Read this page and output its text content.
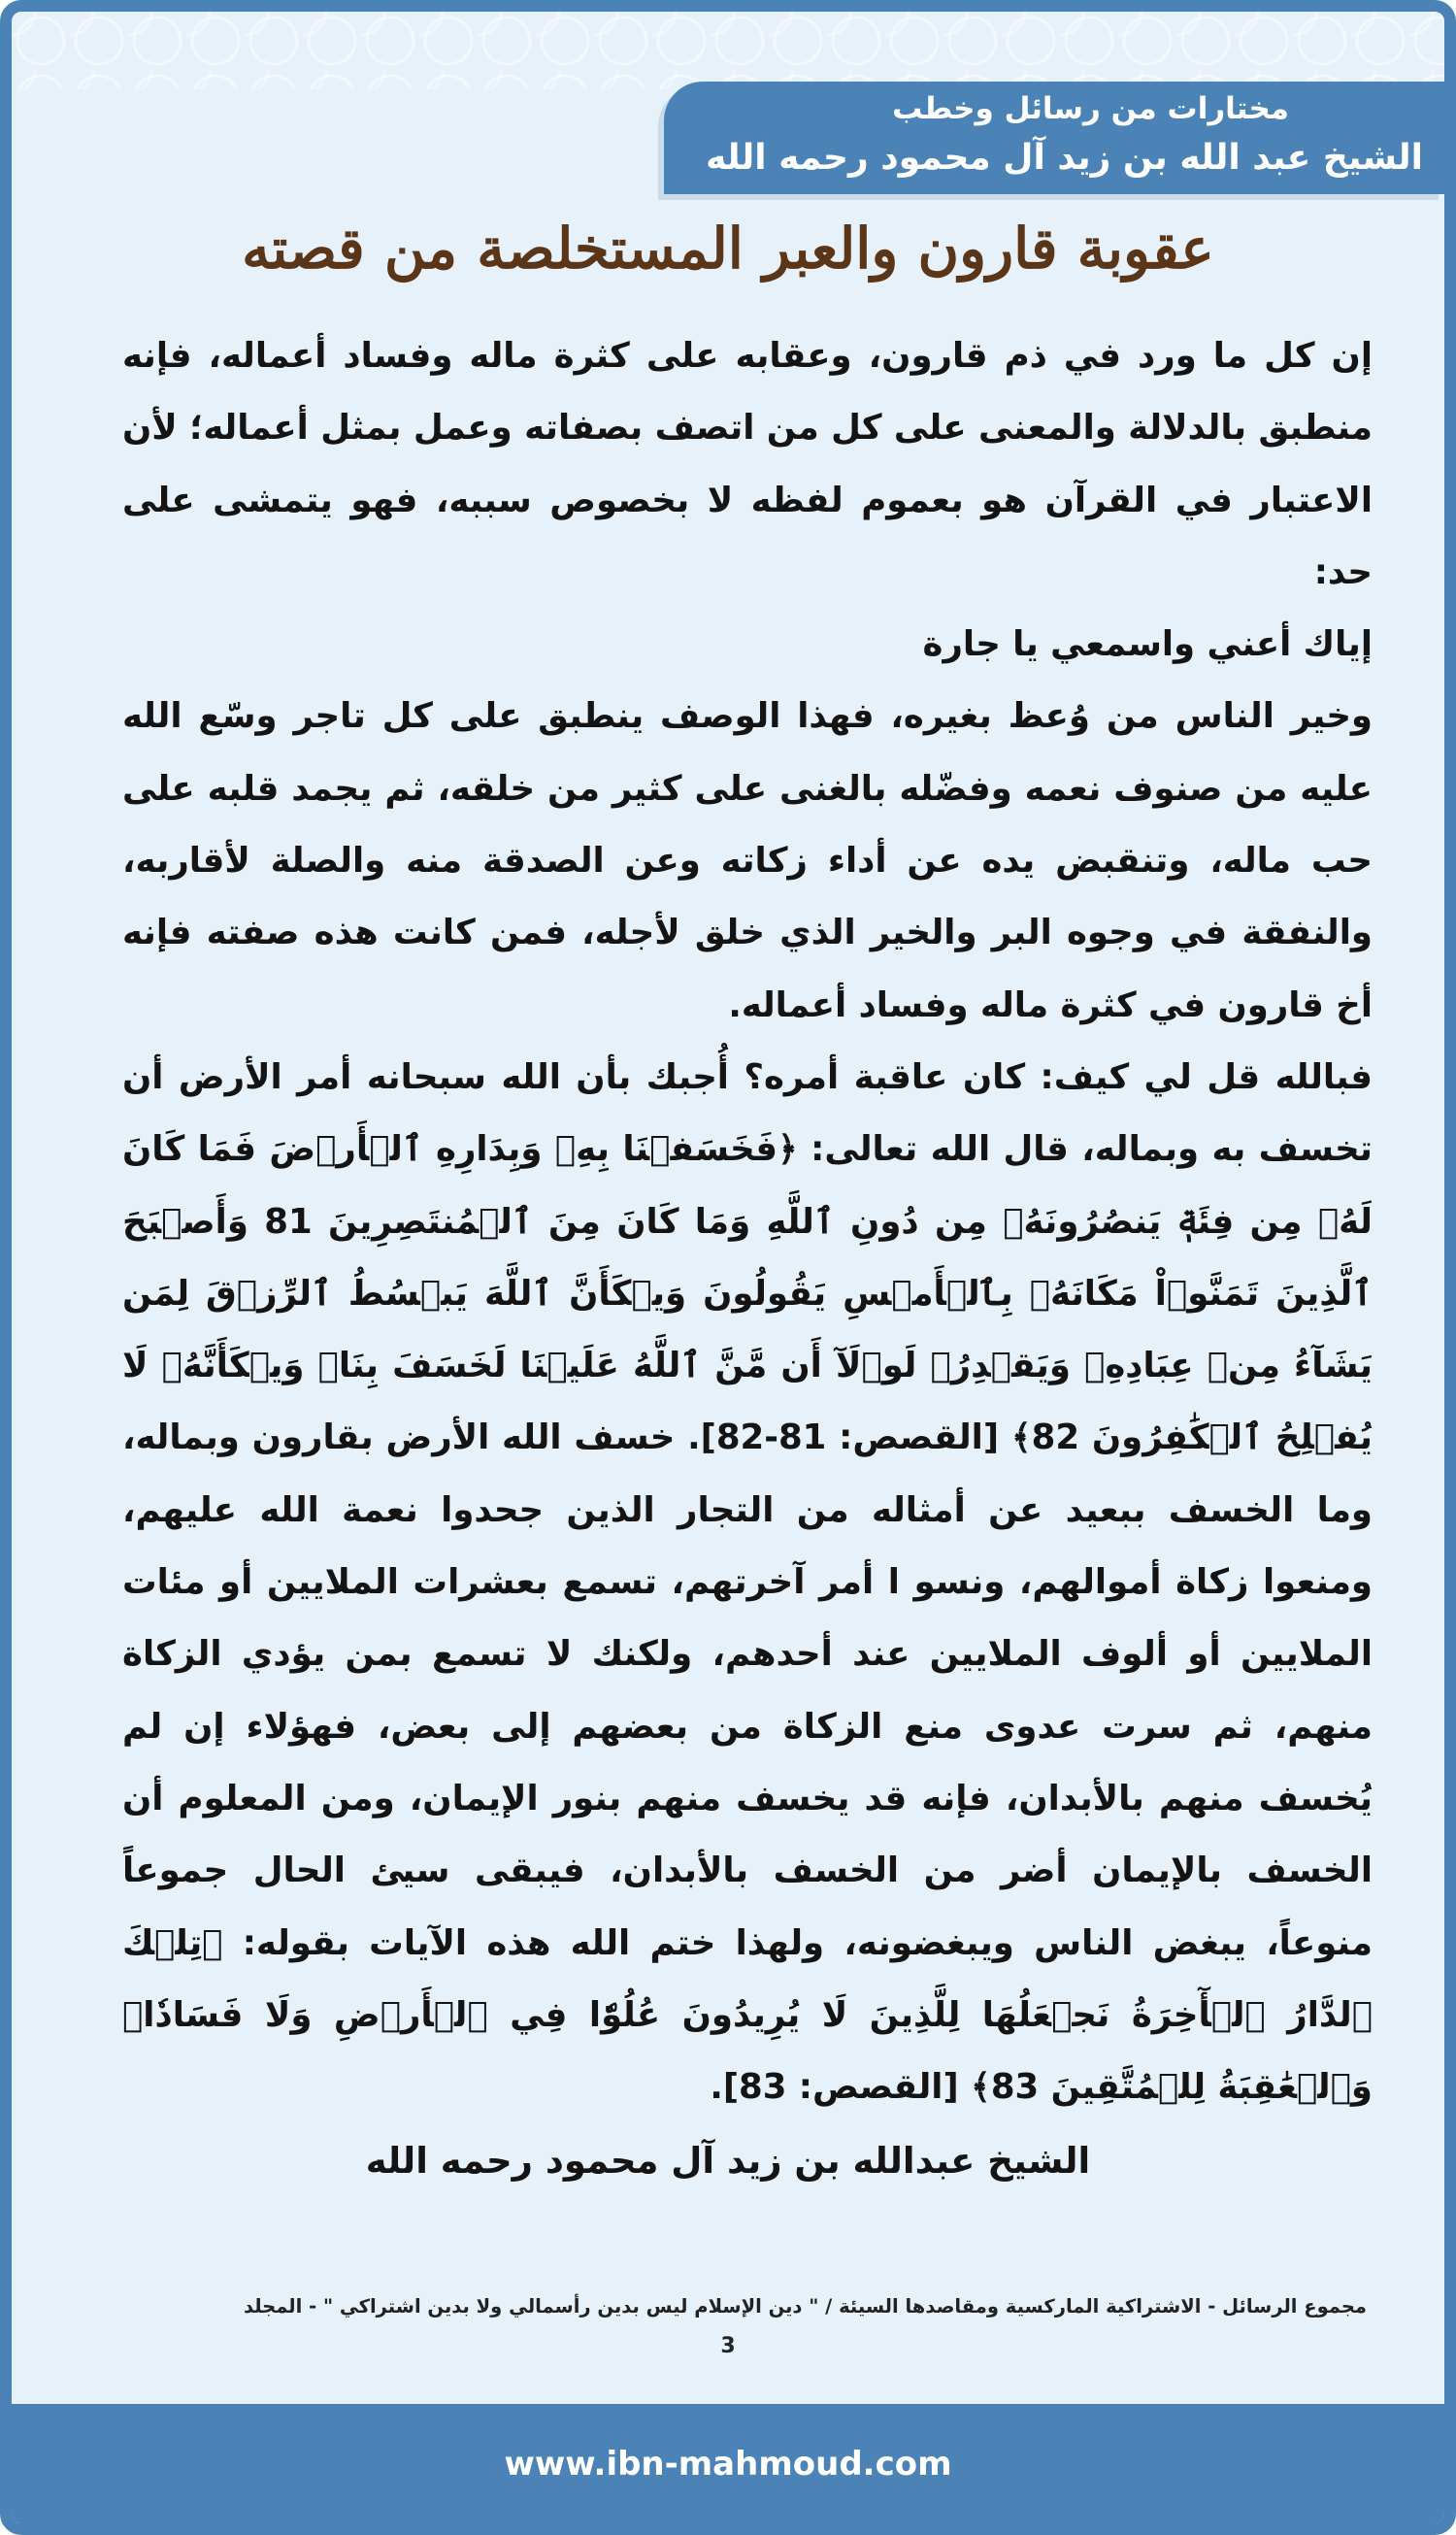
مختارات من رسائل وخطب
الشيخ عبد الله بن زيد آل محمود رحمه الله
عقوبة قارون والعبر المستخلصة من قصته

إن كل ما ورد في ذم قارون، وعقابه على كثرة ماله وفساد أعماله، فإنه منطبق بالدلالة والمعنى على كل من اتصف بصفاته وعمل بمثل أعماله؛ لأن الاعتبار في القرآن هو بعموم لفظه لا بخصوص سببه، فهو يتمشى على حد:

إياك أعني واسمعي يا جارة

وخير الناس من وُعظ بغيره، فهذا الوصف ينطبق على كل تاجر وسّع الله عليه من صنوف نعمه وفضّله بالغنى على كثير من خلقه، ثم يجمد قلبه على حب ماله، وتنقبض يده عن أداء زكاته وعن الصدقة منه والصلة لأقاربه، والنفقة في وجوه البر والخير الذي خلق لأجله، فمن كانت هذه صفته فإنه أخ قارون في كثرة ماله وفساد أعماله.

فبالله قل لي كيف: كان عاقبة أمره؟ أُجبك بأن الله سبحانه أمر الأرض أن تخسف به وبماله، قال الله تعالى: ﴿فَخَسَفۡنَا بِهِۦ وَبِدَارِهِ ٱلۡأَرۡضَ فَمَا كَانَ لَهُۥ مِن فِئَةٖ يَنصُرُونَهُۥ مِن دُونِ ٱللَّهِ وَمَا كَانَ مِنَ ٱلۡمُنتَصِرِينَ 81 وَأَصۡبَحَ ٱلَّذِينَ تَمَنَّوۡاْ مَكَانَهُۥ بِٱلۡأَمۡسِ يَقُولُونَ وَيۡكَأَنَّ ٱللَّهَ يَبۡسُطُ ٱلرِّزۡقَ لِمَن يَشَآءُ مِنۡ عِبَادِهِۦ وَيَقۡدِرُۖ لَوۡلَآ أَن مَّنَّ ٱللَّهُ عَلَيۡنَا لَخَسَفَ بِنَاۖ وَيۡكَأَنَّهُۥ لَا يُفۡلِحُ ٱلۡكَٰفِرُونَ 82﴾ [القصص: 81-82]. خسف الله الأرض بقارون وبماله، وما الخسف ببعيد عن أمثاله من التجار الذين جحدوا نعمة الله عليهم، ومنعوا زكاة أموالهم، ونسو ا أمر آخرتهم، تسمع بعشرات الملايين أو مئات الملايين أو ألوف الملايين عند أحدهم، ولكنك لا تسمع بمن يؤدي الزكاة منهم، ثم سرت عدوى منع الزكاة من بعضهم إلى بعض، فهؤلاء إن لم يُخسف منهم بالأبدان، فإنه قد يخسف منهم بنور الإيمان، ومن المعلوم أن الخسف بالإيمان أضر من الخسف بالأبدان، فيبقى سيئ الحال جموعاً منوعاً، يبغض الناس ويبغضونه، ولهذا ختم الله هذه الآيات بقوله: ﴿تِلۡكَ ٱلدَّارُ ٱلۡأٓخِرَةُ نَجۡعَلُهَا لِلَّذِينَ لَا يُرِيدُونَ عُلُوّٗا فِي ٱلۡأَرۡضِ وَلَا فَسَادٗاۚ وَٱلۡعَٰقِبَةُ لِلۡمُتَّقِينَ 83﴾ [القصص: 83].

الشيخ عبدالله بن زيد آل محمود رحمه الله
مجموع الرسائل - الاشتراكية الماركسية ومقاصدها السيئة / " دين الإسلام ليس بدين رأسمالي ولا بدين اشتراكي " - المجلد
3
www.ibn-mahmoud.com
